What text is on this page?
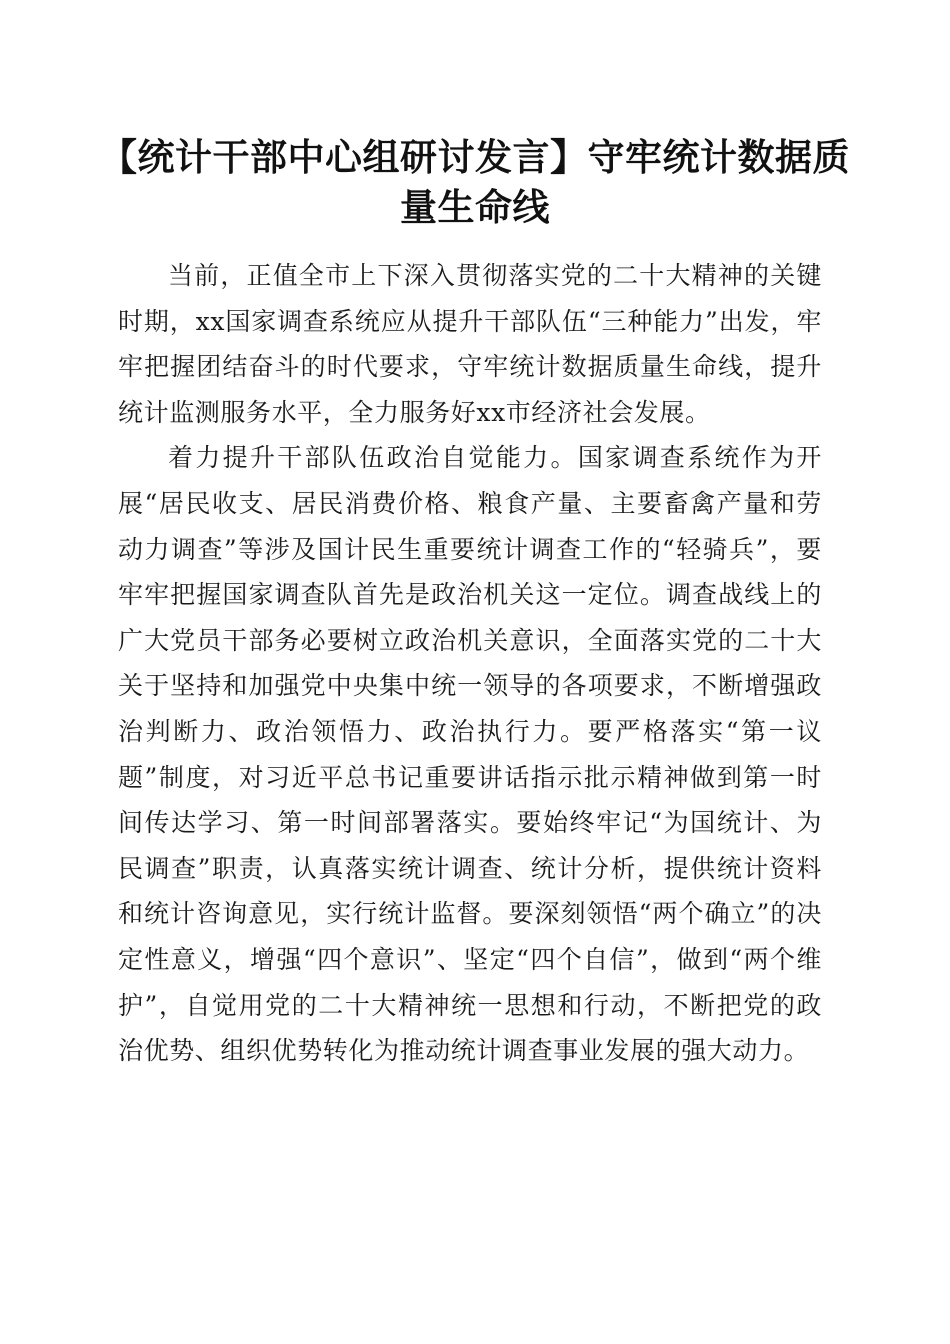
【统计干部中心组研讨发言】守牢统计数据质
量生命线

当前，正值全市上下深入贯彻落实党的二十大精神的关键时期，xx国家调查系统应从提升干部队伍“三种能力”出发，牢牢把握团结奋斗的时代要求，守牢统计数据质量生命线，提升统计监测服务水平，全力服务好xx市经济社会发展。

着力提升干部队伍政治自觉能力。国家调查系统作为开展“居民收支、居民消费价格、粮食产量、主要畜禽产量和劳动力调查”等涉及国计民生重要统计调查工作的“轻骑兵”，要牢牢把握国家调查队首先是政治机关这一定位。调查战线上的广大党员干部务必要树立政治机关意识，全面落实党的二十大关于坚持和加强党中央集中统一领导的各项要求，不断增强政治判断力、政治领悟力、政治执行力。要严格落实“第一议题”制度，对习近平总书记重要讲话指示批示精神做到第一时间传达学习、第一时间部署落实。要始终牢记“为国统计、为民调查”职责，认真落实统计调查、统计分析，提供统计资料和统计咨询意见，实行统计监督。要深刻领悟“两个确立”的决定性意义，增强“四个意识”、坚定“四个自信”，做到“两个维护”，自觉用党的二十大精神统一思想和行动，不断把党的政治优势、组织优势转化为推动统计调查事业发展的强大动力。
